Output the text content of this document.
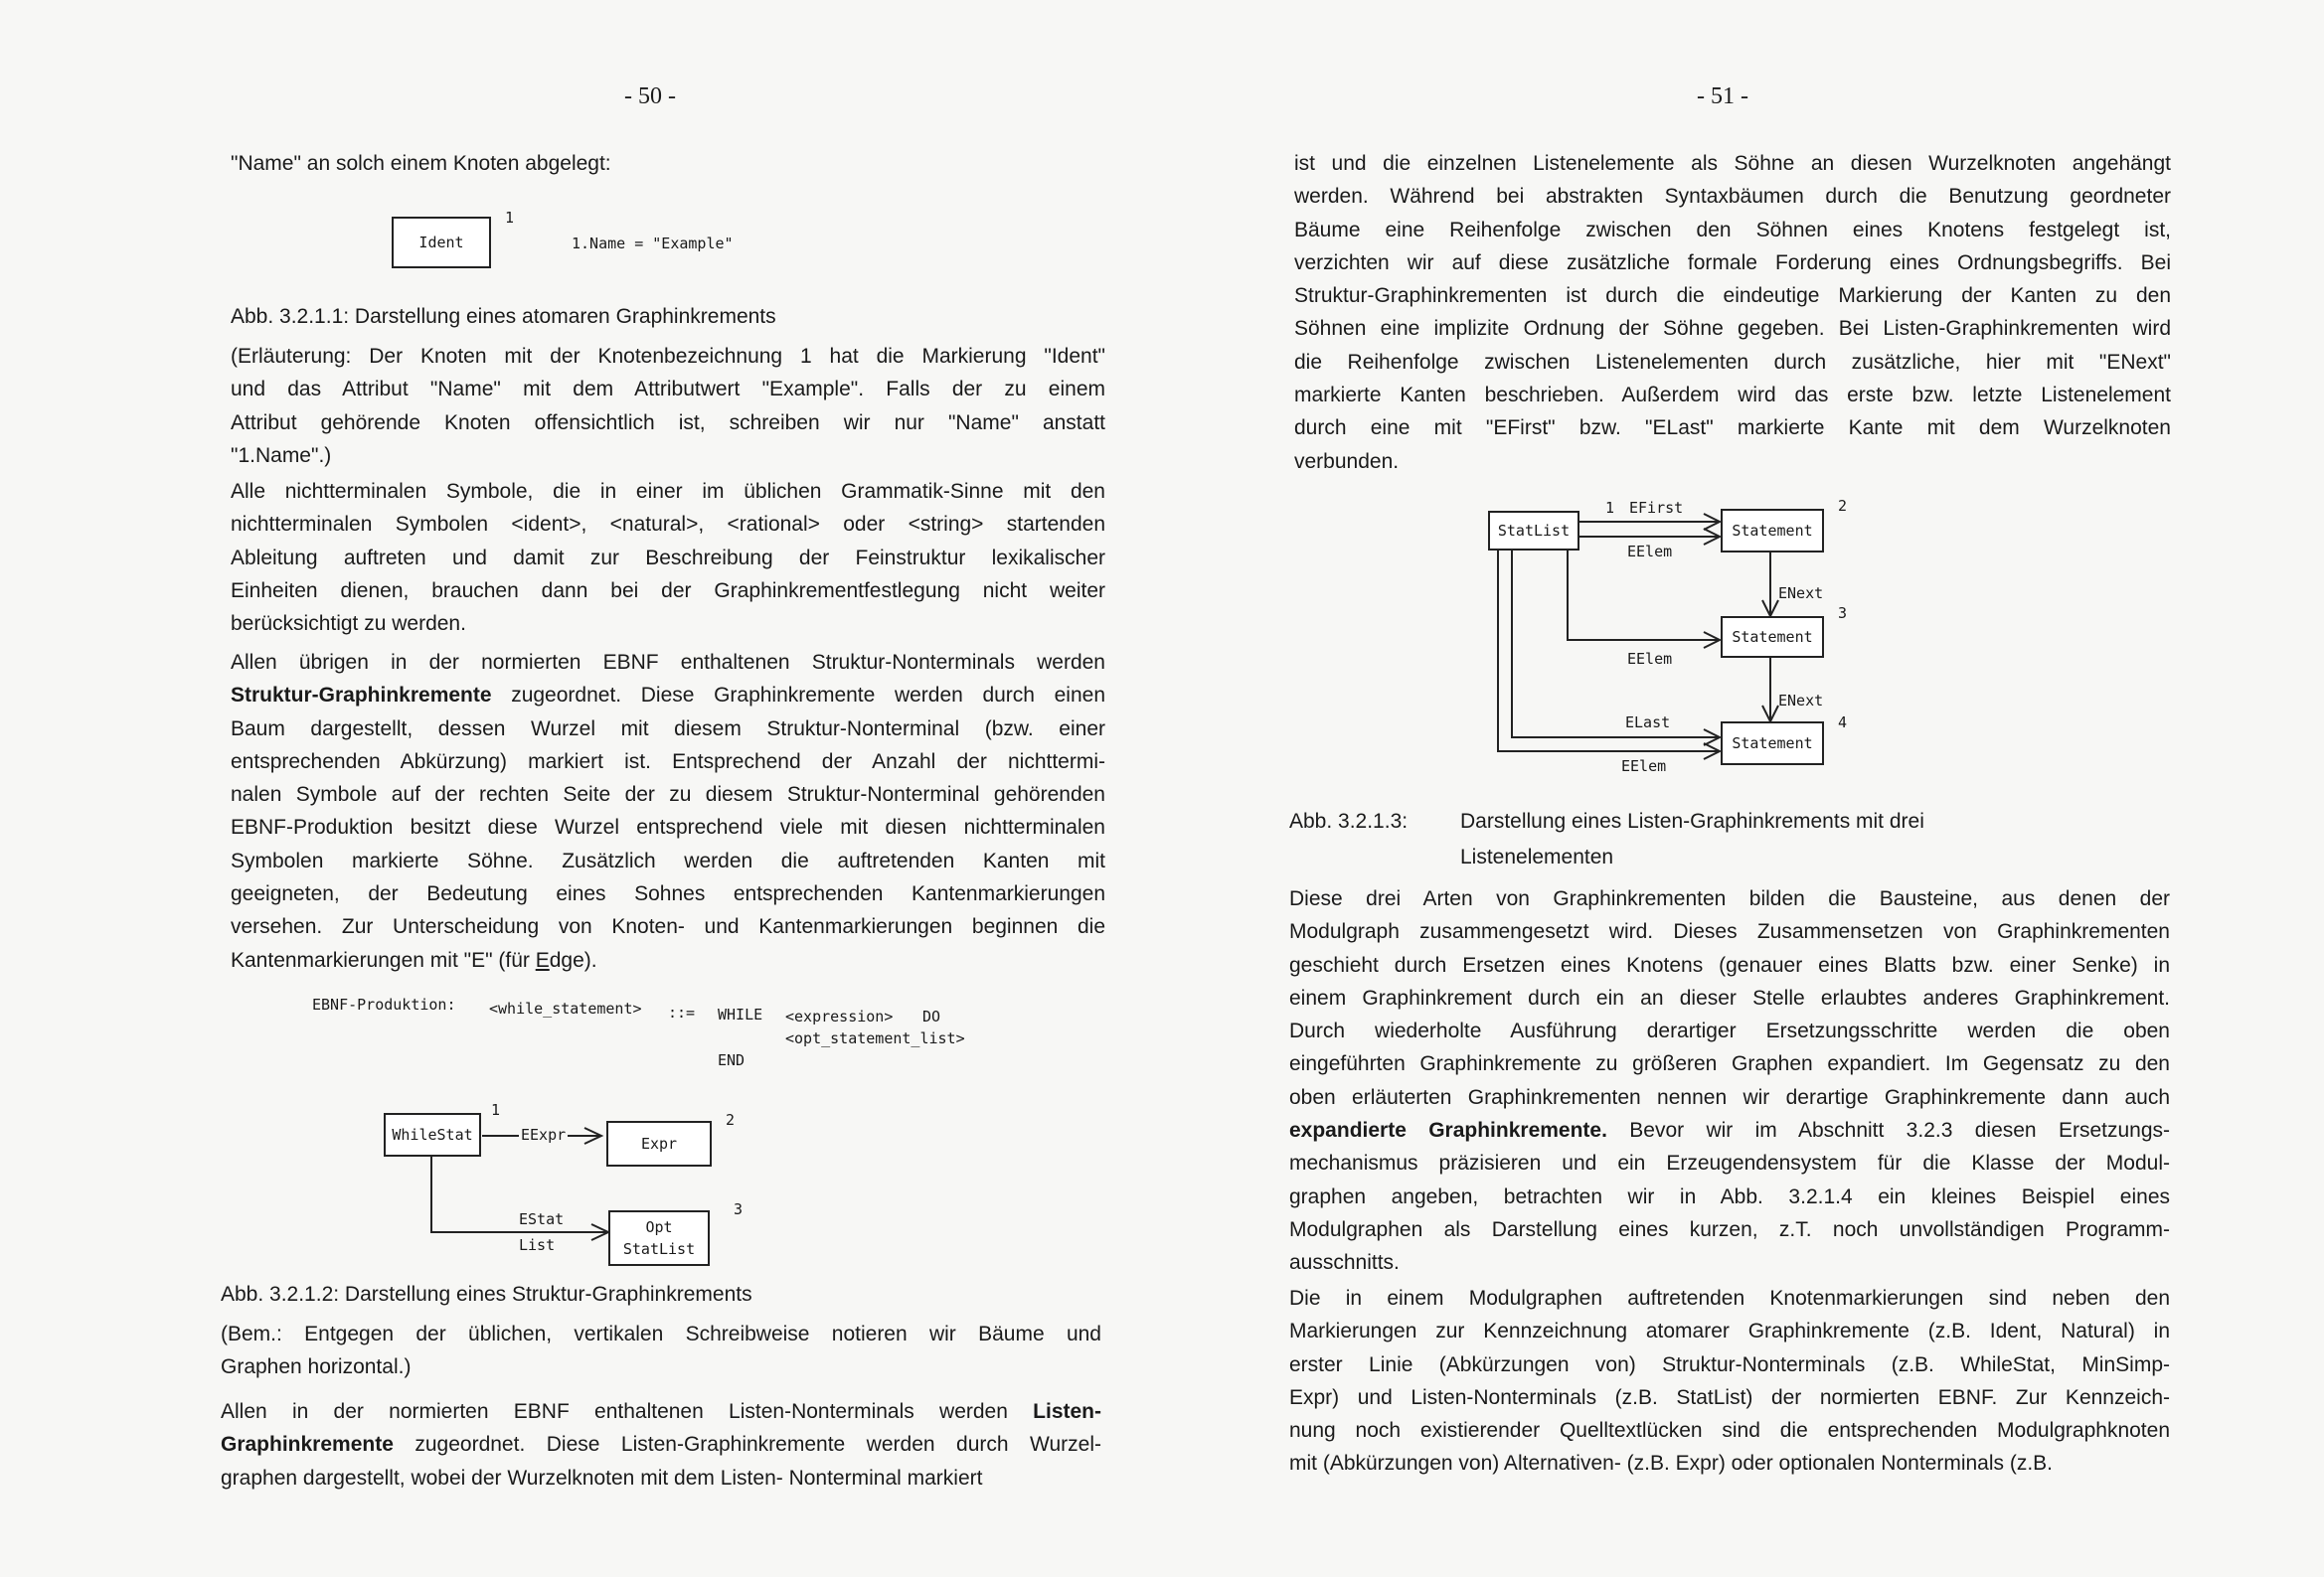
- 50 -
"Name" an solch einem Knoten abgelegt:
Ident
1
1.Name = "Example"
Abb. 3.2.1.1: Darstellung eines atomaren Graphinkrements
(Erläuterung: Der Knoten mit der Knotenbezeichnung 1 hat die Markierung "Ident"
und das Attribut "Name" mit dem Attributwert "Example". Falls der zu einem
Attribut gehörende Knoten offensichtlich ist, schreiben wir nur "Name" anstatt
"1.Name".)
Alle nichtterminalen Symbole, die in einer im üblichen Grammatik-Sinne mit den
nichtterminalen Symbolen <ident>, <natural>, <rational> oder <string> startenden
Ableitung auftreten und damit zur Beschreibung der Feinstruktur lexikalischer
Einheiten dienen, brauchen dann bei der Graphinkrementfestlegung nicht weiter
berücksichtigt zu werden.
Allen übrigen in der normierten EBNF enthaltenen Struktur-Nonterminals werden
Struktur-Graphinkremente zugeordnet. Diese Graphinkremente werden durch einen
Baum dargestellt, dessen Wurzel mit diesem Struktur-Nonterminal (bzw. einer
entsprechenden Abkürzung) markiert ist. Entsprechend der Anzahl der nichttermi-
nalen Symbole auf der rechten Seite der zu diesem Struktur-Nonterminal gehörenden
EBNF-Produktion besitzt diese Wurzel entsprechend viele mit diesen nichtterminalen
Symbolen markierte Söhne. Zusätzlich werden die auftretenden Kanten mit
geeigneten, der Bedeutung eines Sohnes entsprechenden Kantenmarkierungen
versehen. Zur Unterscheidung von Knoten- und Kantenmarkierungen beginnen die
Kantenmarkierungen mit "E" (für Edge).
EBNF-Produktion: <while_statement> ::= WHILE <expression> DO
<opt_statement_list>
END
WhileStat
1
EExpr	Expr
2
EStat
List
Opt
StatList
3
Abb. 3.2.1.2: Darstellung eines Struktur-Graphinkrements
(Bem.: Entgegen der üblichen, vertikalen Schreibweise notieren wir Bäume und
Graphen horizontal.)
Allen in der normierten EBNF enthaltenen Listen-Nonterminals werden Listen-
Graphinkremente zugeordnet. Diese Listen-Graphinkremente werden durch Wurzel-
graphen dargestellt, wobei der Wurzelknoten mit dem Listen- Nonterminal markiert
- 51 -
ist und die einzelnen Listenelemente als Söhne an diesen Wurzelknoten angehängt
werden. Während bei abstrakten Syntaxbäumen durch die Benutzung geordneter
Bäume eine Reihenfolge zwischen den Söhnen eines Knotens festgelegt ist,
verzichten wir auf diese zusätzliche formale Forderung eines Ordnungsbegriffs. Bei
Struktur-Graphinkrementen ist durch die eindeutige Markierung der Kanten zu den
Söhnen eine implizite Ordnung der Söhne gegeben. Bei Listen-Graphinkrementen wird
die Reihenfolge zwischen Listenelementen durch zusätzliche, hier mit "ENext"
markierte Kanten beschrieben. Außerdem wird das erste bzw. letzte Listenelement
durch eine mit "EFirst" bzw. "ELast" markierte Kante mit dem Wurzelknoten
verbunden.
StatList
1 EFirst
EElem
Statement
2
ENext
Statement
3
EElem
ENext
ELast
Statement
4
EElem
Abb. 3.2.1.3:	Darstellung eines Listen-Graphinkrements mit drei
Listenelementen
Diese drei Arten von Graphinkrementen bilden die Bausteine, aus denen der
Modulgraph zusammengesetzt wird. Dieses Zusammensetzen von Graphinkrementen
geschieht durch Ersetzen eines Knotens (genauer eines Blatts bzw. einer Senke) in
einem Graphinkrement durch ein an dieser Stelle erlaubtes anderes Graphinkrement.
Durch wiederholte Ausführung derartiger Ersetzungsschritte werden die oben
eingeführten Graphinkremente zu größeren Graphen expandiert. Im Gegensatz zu den
oben erläuterten Graphinkrementen nennen wir derartige Graphinkremente dann auch
expandierte Graphinkremente. Bevor wir im Abschnitt 3.2.3 diesen Ersetzungs-
mechanismus präzisieren und ein Erzeugendensystem für die Klasse der Modul-
graphen angeben, betrachten wir in Abb. 3.2.1.4 ein kleines Beispiel eines
Modulgraphen als Darstellung eines kurzen, z.T. noch unvollständigen Programm-
ausschnitts.
Die in einem Modulgraphen auftretenden Knotenmarkierungen sind neben den
Markierungen zur Kennzeichnung atomarer Graphinkremente (z.B. Ident, Natural) in
erster Linie (Abkürzungen von) Struktur-Nonterminals (z.B. WhileStat, MinSimp-
Expr) und Listen-Nonterminals (z.B. StatList) der normierten EBNF. Zur Kennzeich-
nung noch existierender Quelltextlücken sind die entsprechenden Modulgraphknoten
mit (Abkürzungen von) Alternativen- (z.B. Expr) oder optionalen Nonterminals (z.B.
